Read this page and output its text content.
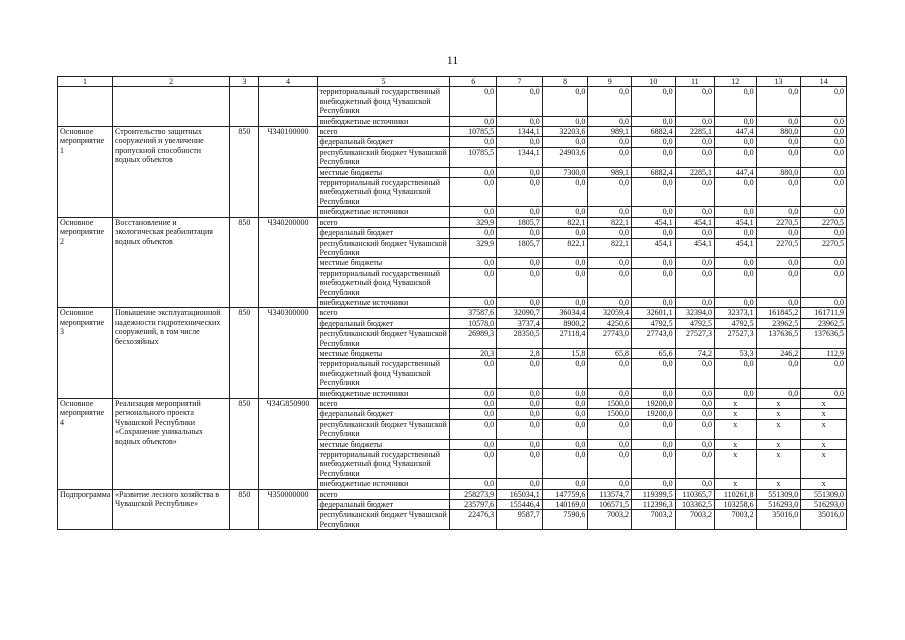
11
1	2	3	4	5	6	7	8	9	10	11	12	13	14
				территориальный государственный внебюджетный фонд Чувашской Республики	0,0	0,0	0,0	0,0	0,0	0,0	0,0	0,0	0,0
				внебюджетные источники	0,0	0,0	0,0	0,0	0,0	0,0	0,0	0,0	0,0
Основное мероприятие 1	Строительство защитных сооружений и увеличение пропускной способности водных объектов	850	Ч340100000	всего	10785,5	1344,1	32203,6	989,1	6882,4	2285,1	447,4	880,0	0,0
				федеральный бюджет	0,0	0,0	0,0	0,0	0,0	0,0	0,0	0,0	0,0
				республиканский бюджет Чувашской Республики	10785,5	1344,1	24903,6	0,0	0,0	0,0	0,0	0,0	0,0
				местные бюджеты	0,0	0,0	7300,0	989,1	6882,4	2285,1	447,4	880,0	0,0
				территориальный государственный внебюджетный фонд Чувашской Республики	0,0	0,0	0,0	0,0	0,0	0,0	0,0	0,0	0,0
				внебюджетные источники	0,0	0,0	0,0	0,0	0,0	0,0	0,0	0,0	0,0
Основное мероприятие 2	Восстановление и экологическая реабилитация водных объектов	850	Ч340200000	всего	329,9	1805,7	822,1	822,1	454,1	454,1	454,1	2270,5	2270,5
				федеральный бюджет	0,0	0,0	0,0	0,0	0,0	0,0	0,0	0,0	0,0
				республиканский бюджет Чувашской Республики	329,9	1805,7	822,1	822,1	454,1	454,1	454,1	2270,5	2270,5
				местные бюджеты	0,0	0,0	0,0	0,0	0,0	0,0	0,0	0,0	0,0
				территориальный государственный внебюджетный фонд Чувашской Республики	0,0	0,0	0,0	0,0	0,0	0,0	0,0	0,0	0,0
				внебюджетные источники	0,0	0,0	0,0	0,0	0,0	0,0	0,0	0,0	0,0
Основное мероприятие 3	Повышение эксплуатационной надежности гидротехнических сооружений, в том числе бесхозяйных	850	Ч340300000	всего	37587,6	32090,7	36034,4	32059,4	32601,1	32394,0	32373,1	161845,2	161711,9
				федеральный бюджет	10578,0	3737,4	8900,2	4250,6	4792,5	4792,5	4792,5	23962,5	23962,5
				республиканский бюджет Чувашской Республики	26989,3	28350,5	27118,4	27743,0	27743,0	27527,3	27527,3	137636,5	137636,5
				местные бюджеты	20,3	2,8	15,8	65,8	65,6	74,2	53,3	246,2	112,9
				территориальный государственный внебюджетный фонд Чувашской Республики	0,0	0,0	0,0	0,0	0,0	0,0	0,0	0,0	0,0
				внебюджетные источники	0,0	0,0	0,0	0,0	0,0	0,0	0,0	0,0	0,0
Основное мероприятие 4	Реализация мероприятий регионального проекта Чувашской Республики «Сохранение уникальных водных объектов»	850	Ч34G850900	всего	0,0	0,0	0,0	1500,0	19200,0	0,0	x	x	x
				федеральный бюджет	0,0	0,0	0,0	1500,0	19200,0	0,0	x	x	x
				республиканский бюджет Чувашской Республики	0,0	0,0	0,0	0,0	0,0	0,0	x	x	x
				местные бюджеты	0,0	0,0	0,0	0,0	0,0	0,0	x	x	x
				территориальный государственный внебюджетный фонд Чувашской Республики	0,0	0,0	0,0	0,0	0,0	0,0	x	x	x
				внебюджетные источники	0,0	0,0	0,0	0,0	0,0	0,0	x	x	x
Подпрограмма	«Развитие лесного хозяйства в Чувашской Республике»	850	Ч350000000	всего	258273,9	165034,1	147759,6	113574,7	119399,5	110365,7	110261,8	551309,0	551309,0
				федеральный бюджет	235797,6	155446,4	140169,0	106571,5	112396,3	103362,5	103258,6	516293,0	516293,0
				республиканский бюджет Чувашской Республики	22476,3	9587,7	7590,6	7003,2	7003,2	7003,2	7003,2	35016,0	35016,0
